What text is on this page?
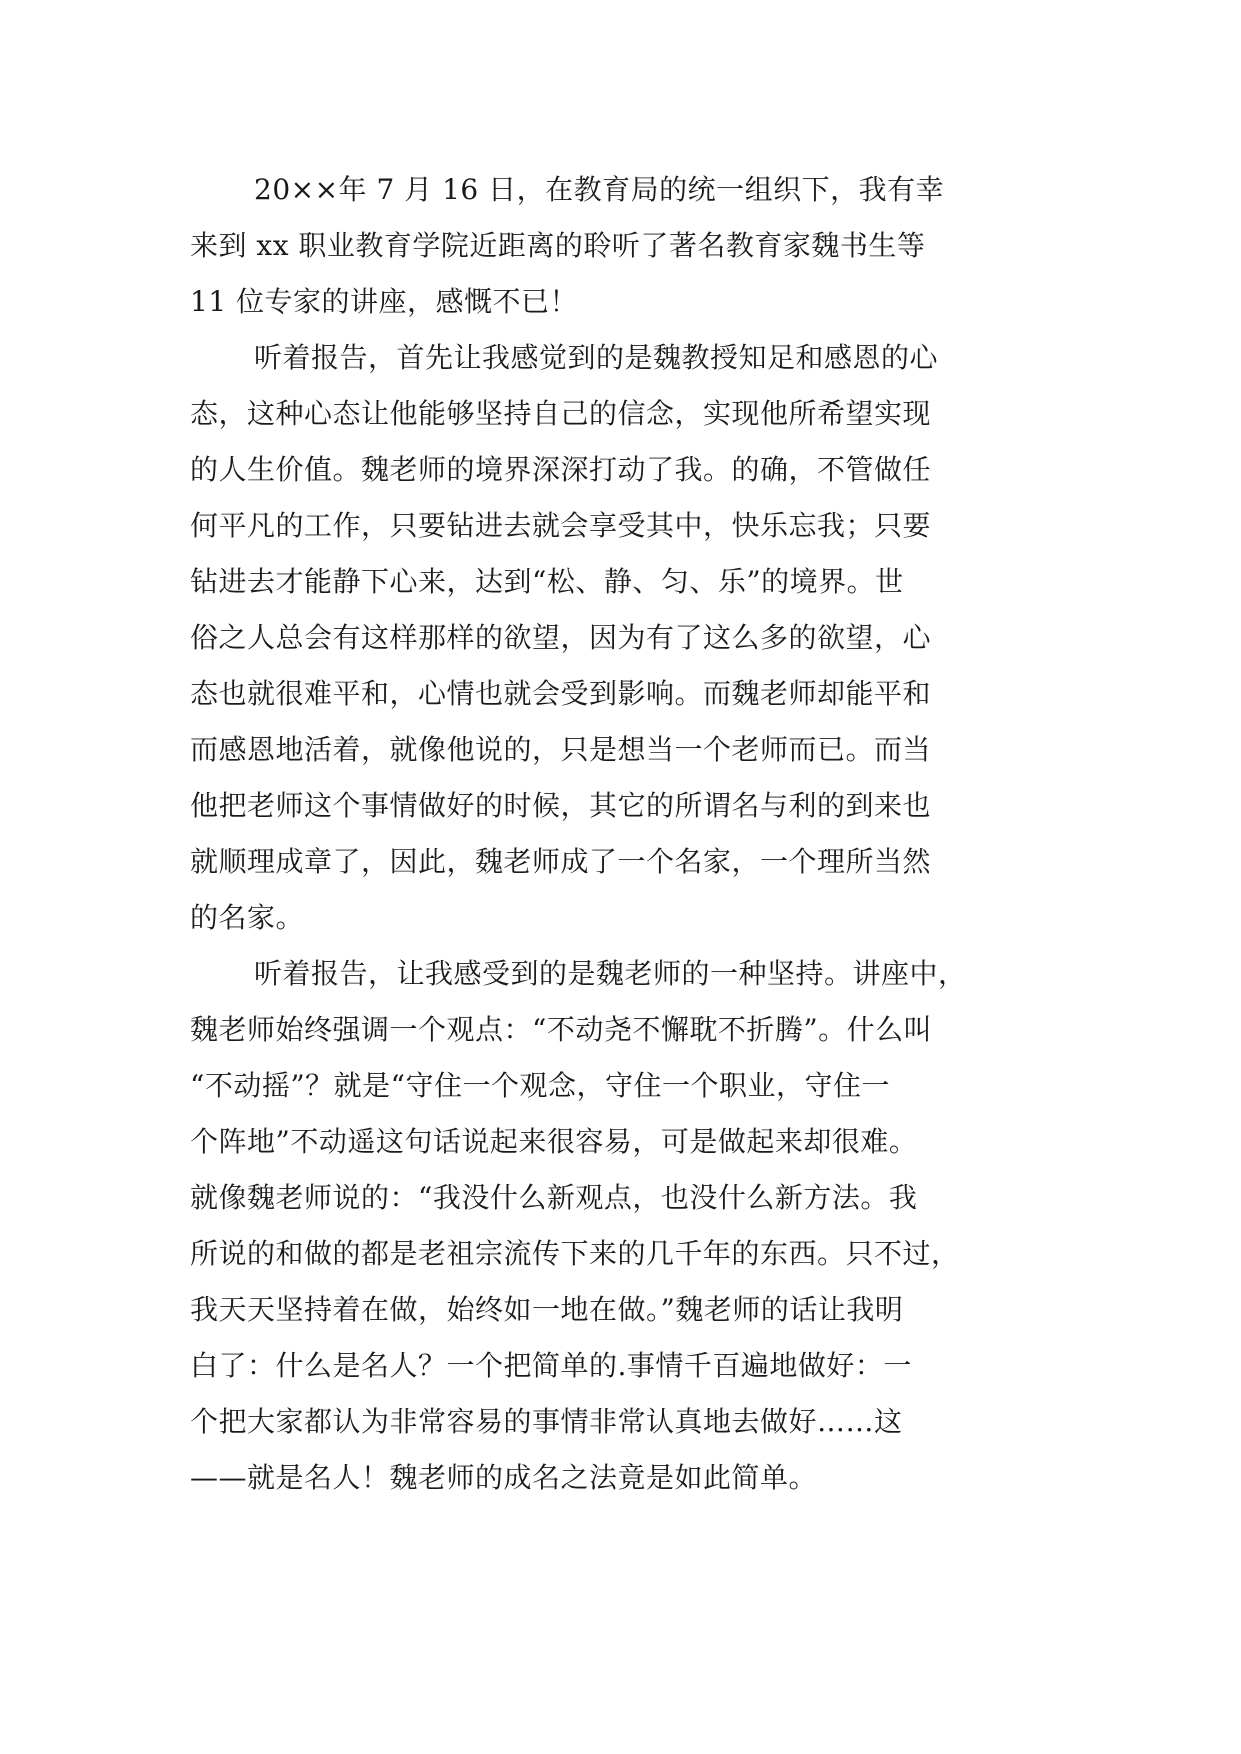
20××年 7 月 16 日，在教育局的统一组织下，我有幸
来到 xx 职业教育学院近距离的聆听了著名教育家魏书生等
11 位专家的讲座，感慨不已！
听着报告，首先让我感觉到的是魏教授知足和感恩的心
态，这种心态让他能够坚持自己的信念，实现他所希望实现
的人生价值。魏老师的境界深深打动了我。的确，不管做任
何平凡的工作，只要钻进去就会享受其中，快乐忘我；只要
钻进去才能静下心来，达到“松、静、匀、乐”的境界。世
俗之人总会有这样那样的欲望，因为有了这么多的欲望，心
态也就很难平和，心情也就会受到影响。而魏老师却能平和
而感恩地活着，就像他说的，只是想当一个老师而已。而当
他把老师这个事情做好的时候，其它的所谓名与利的到来也
就顺理成章了，因此，魏老师成了一个名家，一个理所当然
的名家。
听着报告，让我感受到的是魏老师的一种坚持。讲座中，
魏老师始终强调一个观点：“不动尧不懈耽不折腾”。什么叫
“不动摇”？就是“守住一个观念，守住一个职业，守住一
个阵地”不动遥这句话说起来很容易，可是做起来却很难。
就像魏老师说的：“我没什么新观点，也没什么新方法。我
所说的和做的都是老祖宗流传下来的几千年的东西。只不过，
我天天坚持着在做，始终如一地在做。”魏老师的话让我明
白了：什么是名人？一个把简单的.事情千百遍地做好：一
个把大家都认为非常容易的事情非常认真地去做好……这
——就是名人！魏老师的成名之法竟是如此简单。
